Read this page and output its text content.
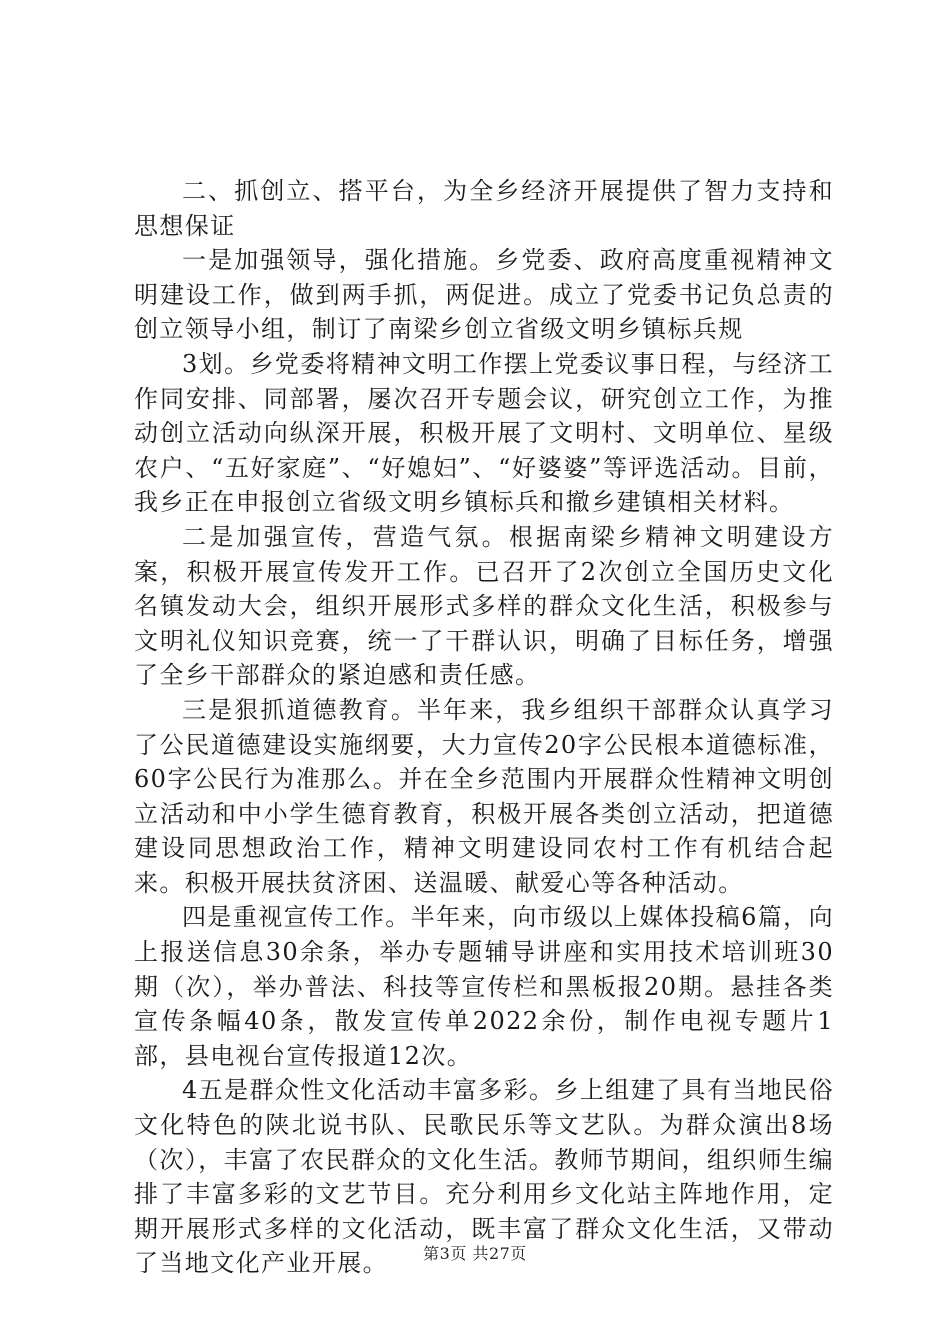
二、抓创立、搭平台，为全乡经济开展提供了智力支持和思想保证

一是加强领导，强化措施。乡党委、政府高度重视精神文明建设工作，做到两手抓，两促进。成立了党委书记负总责的创立领导小组，制订了南梁乡创立省级文明乡镇标兵规

3划。乡党委将精神文明工作摆上党委议事日程，与经济工作同安排、同部署，屡次召开专题会议，研究创立工作，为推动创立活动向纵深开展，积极开展了文明村、文明单位、星级农户、“五好家庭”、“好媳妇”、“好婆婆”等评选活动。目前，我乡正在申报创立省级文明乡镇标兵和撤乡建镇相关材料。

二是加强宣传，营造气氛。根据南梁乡精神文明建设方案，积极开展宣传发开工作。已召开了2次创立全国历史文化名镇发动大会，组织开展形式多样的群众文化生活，积极参与文明礼仪知识竞赛，统一了干群认识，明确了目标任务，增强了全乡干部群众的紧迫感和责任感。

三是狠抓道德教育。半年来，我乡组织干部群众认真学习了公民道德建设实施纲要，大力宣传20字公民根本道德标准，60字公民行为准那么。并在全乡范围内开展群众性精神文明创立活动和中小学生德育教育，积极开展各类创立活动，把道德建设同思想政治工作，精神文明建设同农村工作有机结合起来。积极开展扶贫济困、送温暖、献爱心等各种活动。

四是重视宣传工作。半年来，向市级以上媒体投稿6篇，向上报送信息30余条，举办专题辅导讲座和实用技术培训班30期（次），举办普法、科技等宣传栏和黑板报20期。悬挂各类宣传条幅40条，散发宣传单2022余份，制作电视专题片1部，县电视台宣传报道12次。

4五是群众性文化活动丰富多彩。乡上组建了具有当地民俗文化特色的陕北说书队、民歌民乐等文艺队。为群众演出8场（次），丰富了农民群众的文化生活。教师节期间，组织师生编排了丰富多彩的文艺节目。充分利用乡文化站主阵地作用，定期开展形式多样的文化活动，既丰富了群众文化生活，又带动了当地文化产业开展。	第3页 共27页
